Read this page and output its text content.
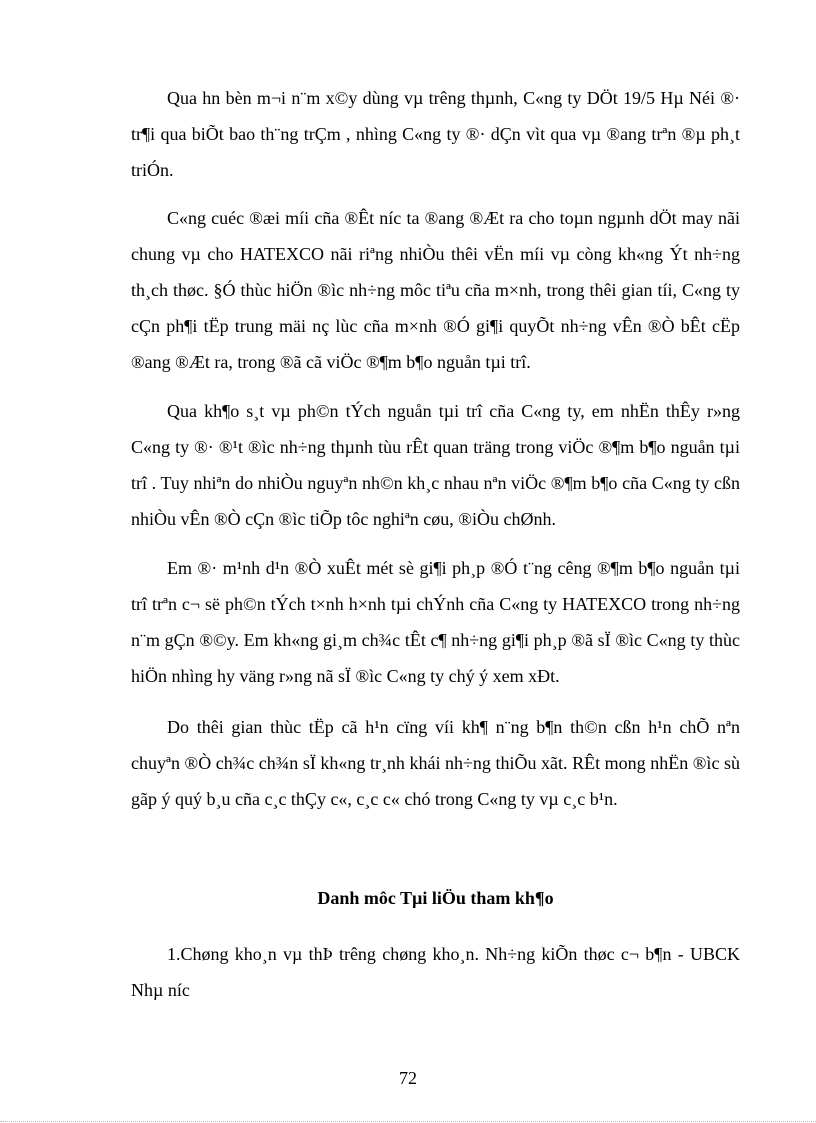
Qua hn bèn m¬i n¨m x©y dùng vµ trêng thµnh, C«ng ty DÖt 19/5 Hµ Néi ®· tr¶i qua biÕt bao th¨ng trÇm , nhìng C«ng ty ®· dÇn vìt qua vµ ®ang trªn ®µ ph¸t triÓn.

C«ng cuéc ®æi míi cña ®Êt níc ta ®ang ®Æt ra cho toµn ngµnh dÖt may nãi chung vµ cho HATEXCO nãi riªng nhiÒu thêi vËn míi vµ còng kh«ng Ýt nh÷ng th¸ch thøc. §Ó thùc hiÖn ®ìc nh÷ng môc tiªu cña m×nh, trong thêi gian tíi, C«ng ty cÇn ph¶i tËp trung mäi nç lùc cña m×nh ®Ó gi¶i quyÕt nh÷ng vÊn ®Ò bÊt cËp ®ang ®Æt ra, trong ®ã cã viÖc ®¶m b¶o nguån tµi trî.

Qua kh¶o s¸t vµ ph©n tÝch nguån tµi trî cña C«ng ty, em nhËn thÊy r»ng C«ng ty ®· ®¹t ®ìc nh÷ng thµnh tùu rÊt quan träng trong viÖc ®¶m b¶o nguån tµi trî . Tuy nhiªn do nhiÒu nguyªn nh©n kh¸c nhau nªn viÖc ®¶m b¶o cña C«ng ty cßn nhiÒu vÊn ®Ò cÇn ®ìc tiÕp tôc nghiªn cøu, ®iÒu chØnh.

Em ®· m¹nh d¹n ®Ò xuÊt mét sè gi¶i ph¸p ®Ó t¨ng cêng ®¶m b¶o nguån tµi trî trªn c¬ së ph©n tÝch t×nh h×nh tµi chÝnh cña C«ng ty HATEXCO trong nh÷ng n¨m gÇn ®©y. Em kh«ng gi¸m ch¾c tÊt c¶ nh÷ng gi¶i ph¸p ®ã sÏ ®ìc C«ng ty thùc hiÖn nhìng hy väng r»ng nã sÏ ®ìc C«ng ty chý ý xem xÐt.

Do thêi gian thùc tËp cã h¹n cïng víi kh¶ n¨ng b¶n th©n cßn h¹n chÕ nªn chuyªn ®Ò ch¾c ch¾n sÏ kh«ng tr¸nh khái nh÷ng thiÕu xãt. RÊt mong nhËn ®ìc sù gãp ý quý b¸u cña c¸c thÇy c«, c¸c c« chó trong C«ng ty vµ c¸c b¹n.

Danh môc Tµi liÖu tham kh¶o

1.Chøng kho¸n vµ thÞ trêng chøng kho¸n. Nh÷ng kiÕn thøc c¬ b¶n - UBCK Nhµ níc

72
